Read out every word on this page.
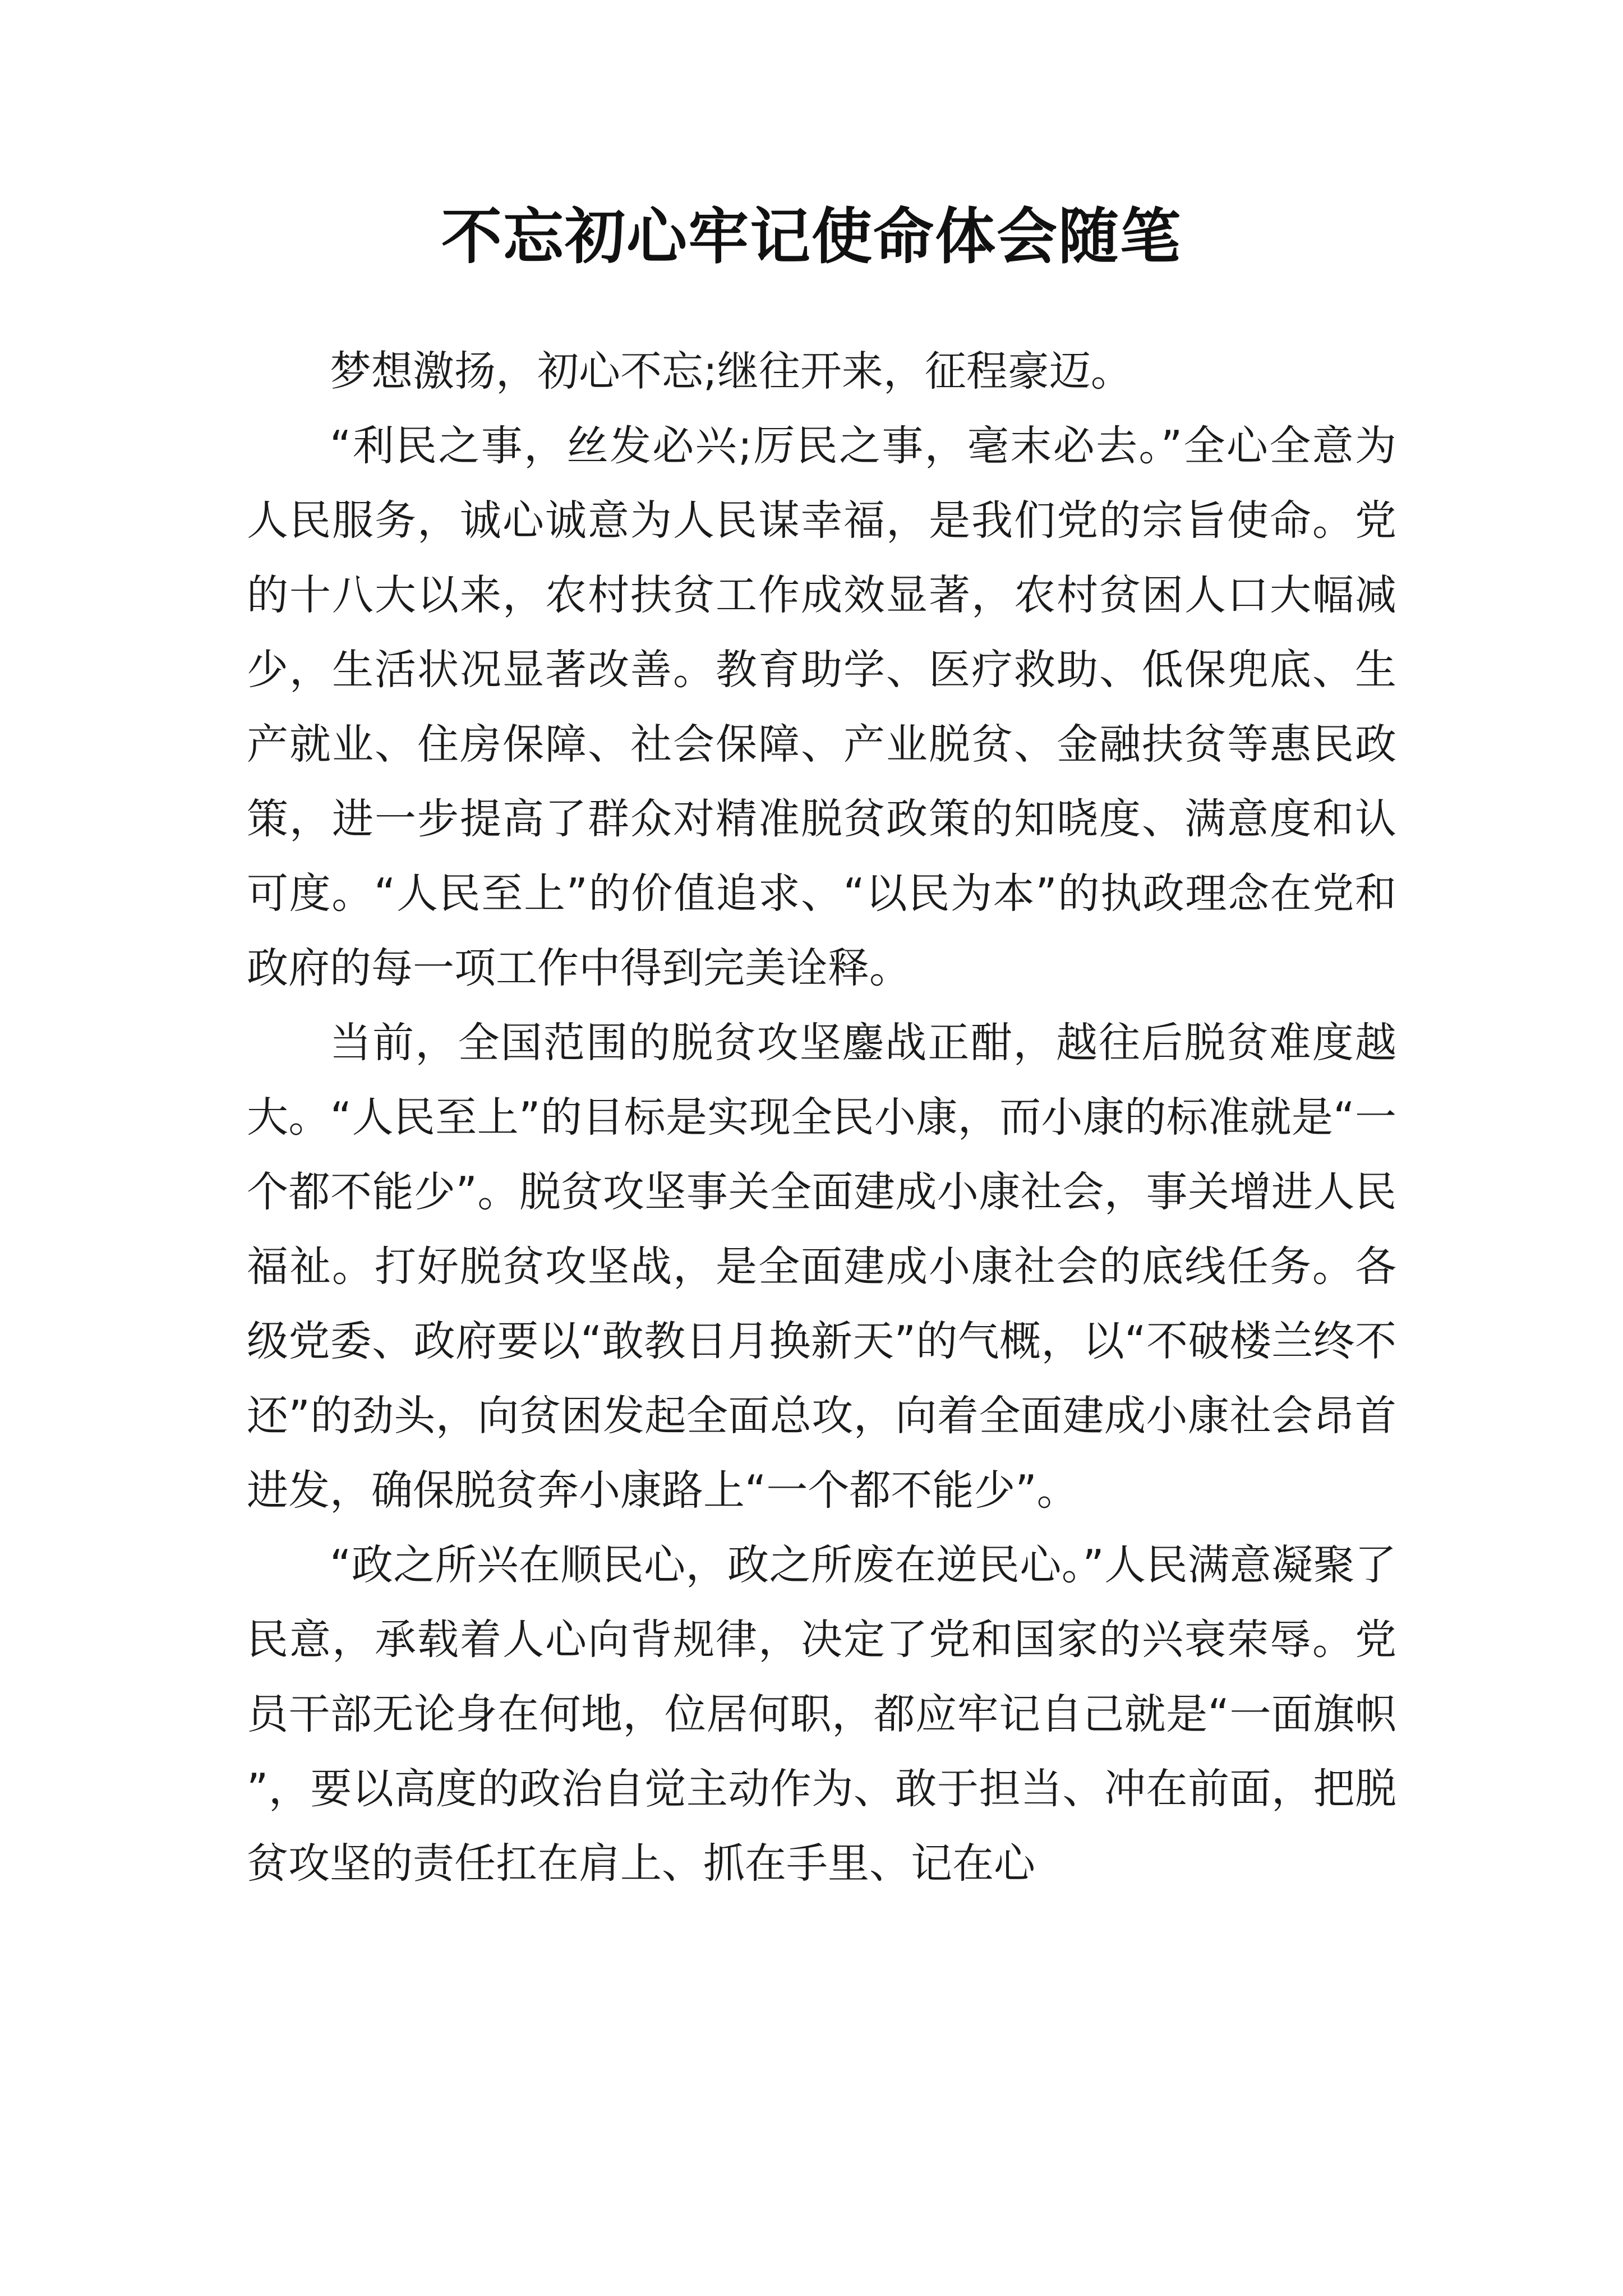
不忘初心牢记使命体会随笔

梦想激扬，初心不忘;继往开来，征程豪迈。

“利民之事，丝发必兴;厉民之事，毫末必去。”全心全意为人民服务，诚心诚意为人民谋幸福，是我们党的宗旨使命。党的十八大以来，农村扶贫工作成效显著，农村贫困人口大幅减少，生活状况显著改善。教育助学、医疗救助、低保兜底、生产就业、住房保障、社会保障、产业脱贫、金融扶贫等惠民政策，进一步提高了群众对精准脱贫政策的知晓度、满意度和认可度。“人民至上”的价值追求、“以民为本”的执政理念在党和政府的每一项工作中得到完美诠释。

当前，全国范围的脱贫攻坚鏖战正酣，越往后脱贫难度越大。“人民至上”的目标是实现全民小康，而小康的标准就是“一个都不能少”。脱贫攻坚事关全面建成小康社会，事关增进人民福祉。打好脱贫攻坚战，是全面建成小康社会的底线任务。各级党委、政府要以“敢教日月换新天”的气概，以“不破楼兰终不还”的劲头，向贫困发起全面总攻，向着全面建成小康社会昂首进发，确保脱贫奔小康路上“一个都不能少”。

“政之所兴在顺民心，政之所废在逆民心。”人民满意凝聚了民意，承载着人心向背规律，决定了党和国家的兴衰荣辱。党员干部无论身在何地，位居何职，都应牢记自己就是“一面旗帜”，要以高度的政治自觉主动作为、敢于担当、冲在前面，把脱贫攻坚的责任扛在肩上、抓在手里、记在心
